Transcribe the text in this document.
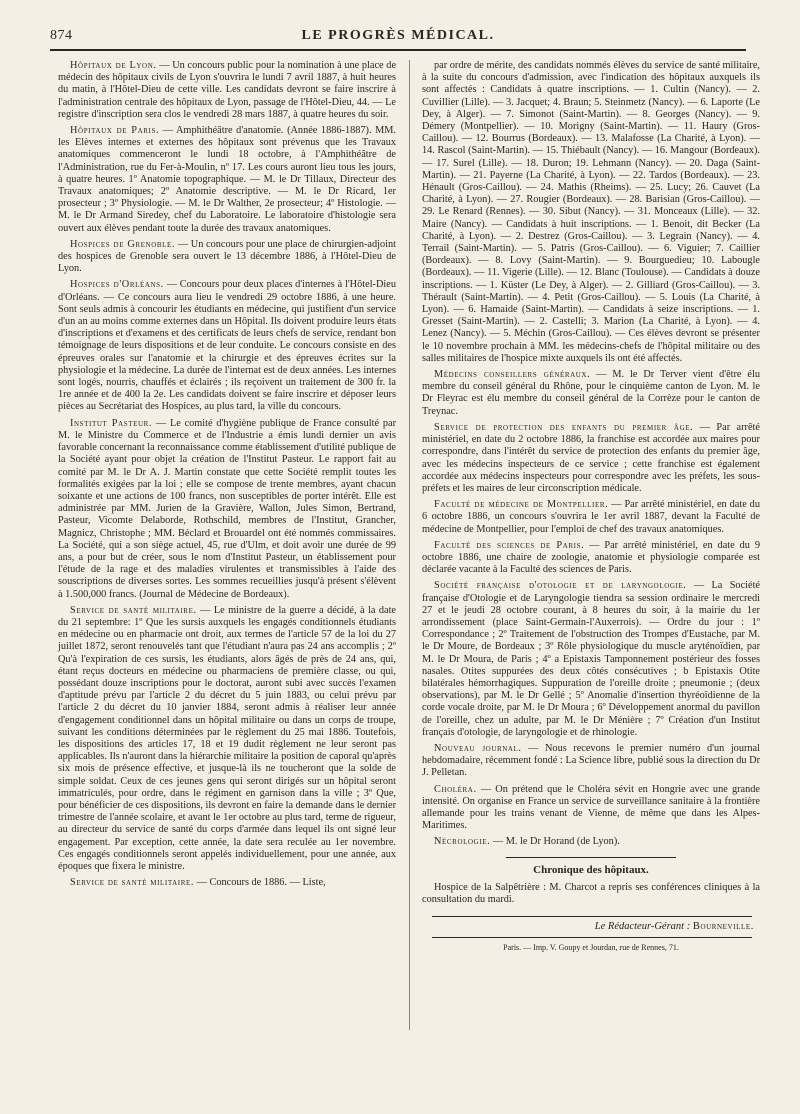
874	LE PROGRÈS MÉDICAL.

Hôpitaux de Lyon. — Un concours public pour la nomination à une place de médecin des hôpitaux civils de Lyon s'ouvrira le lundi 7 avril 1887, à huit heures du matin, à l'Hôtel-Dieu de cette ville. Les candidats devront se faire inscrire à l'administration centrale des hôpitaux de Lyon, passage de l'Hôtel-Dieu, 44. — Le registre d'inscription sera clos le vendredi 28 mars 1887, à quatre heures du soir.

Hôpitaux de Paris. — Amphithéâtre d'anatomie. (Année 1886-1887). MM. les Elèves internes et externes des hôpitaux sont prévenus que les Travaux anatomiques commenceront le lundi 18 octobre, à l'Amphithéâtre de l'Administration, rue du Fer-à-Moulin, nº 17. Les cours auront lieu tous les jours, à quatre heures. 1º Anatomie topographique. — M. le Dr Tillaux, Directeur des Travaux anatomiques; 2º Anatomie descriptive. — M. le Dr Ricard, 1er prosecteur ; 3º Physiologie. — M. le Dr Walther, 2e prosecteur; 4º Histologie. — M. le Dr Armand Siredey, chef du Laboratoire. Le laboratoire d'histologie sera ouvert aux élèves pendant toute la durée des travaux anatomiques.

Hospices de Grenoble. — Un concours pour une place de chirurgien-adjoint des hospices de Grenoble sera ouvert le 13 décembre 1886, à l'Hôtel-Dieu de Lyon.

Hospices d'Orléans. — Concours pour deux places d'internes à l'Hôtel-Dieu d'Orléans. — Ce concours aura lieu le vendredi 29 octobre 1886, à une heure. Sont seuls admis à concourir les étudiants en médecine, qui justifient d'un service d'un an au moins comme externes dans un Hôpital. Ils doivent produire leurs états d'inscriptions et d'examens et des certificats de leurs chefs de service, rendant bon témoignage de leurs dispositions et de leur conduite. Le concours consiste en des épreuves orales sur l'anatomie et la chirurgie et des épreuves écrites sur la physiologie et la médecine. La durée de l'internat est de deux années. Les internes sont logés, nourris, chauffés et éclairés ; ils reçoivent un traitement de 300 fr. la 1re année et de 400 la 2e. Les candidats doivent se faire inscrire et déposer leurs pièces au Secrétariat des Hospices, au plus tard, la ville du concours.

Institut Pasteur. — Le comité d'hygiène publique de France consulté par M. le Ministre du Commerce et de l'Industrie a émis lundi dernier un avis favorable concernant la reconnaissance comme établissement d'utilité publique de la Société ayant pour objet la création de l'Institut Pasteur. Le rapport fait au comité par M. le Dr A. J. Martin constate que cette Société remplit toutes les formalités exigées par la loi ; elle se compose de trente membres, ayant chacun soixante et une actions de 100 francs, non susceptibles de porter intérêt. Elle est administrée par MM. Jurien de la Gravière, Wallon, Jules Simon, Bertrand, Pasteur, Vicomte Delaborde, Rothschild, membres de l'Institut, Grancher, Magnicz, Christophe ; MM. Béclard et Brouardel ont été nommés commissaires. La Société, qui a son siège actuel, 45, rue d'Ulm, et doit avoir une durée de 99 ans, a pour but de créer, sous le nom d'Institut Pasteur, un établissement pour l'étude de la rage et des maladies virulentes et transmissibles à l'aide des souscriptions de diverses sortes. Les sommes recueillies jusqu'à présent s'élèvent à 1.500,000 francs. (Journal de Médecine de Bordeaux).

Service de santé militaire. — Le ministre de la guerre a décidé, à la date du 21 septembre: 1º Que les sursis auxquels les engagés conditionnels étudiants en médecine ou en pharmacie ont droit, aux termes de l'article 57 de la loi du 27 juillet 1872, seront renouvelés tant que l'étudiant n'aura pas 24 ans accomplis ; 2º Qu'à l'expiration de ces sursis, les étudiants, alors âgés de près de 24 ans, qui, étant reçus docteurs en médecine ou pharmaciens de première classe, ou qui, possédant douze inscriptions pour le doctorat, auront subi avec succès l'examen d'aptitude prévu par l'article 2 du décret du 5 juin 1883, ou celui prévu par l'article 2 du décret du 10 janvier 1884, seront admis à réaliser leur année d'engagement conditionnel dans un hôpital militaire ou dans un corps de troupe, suivant les conditions déterminées par le règlement du 25 mai 1886. Toutefois, les dispositions des articles 17, 18 et 19 dudit règlement ne leur seront pas applicables. Ils n'auront dans la hiérarchie militaire la position de caporal qu'après six mois de présence effective, et jusque-là ils ne toucheront que la solde de simple soldat. Ceux de ces jeunes gens qui seront dirigés sur un hôpital seront immatriculés, pour ordre, dans le régiment en garnison dans la ville ; 3º Que, pour bénéficier de ces dispositions, ils devront en faire la demande dans le dernier trimestre de l'année scolaire, et avant le 1er octobre au plus tard, terme de rigueur, au directeur du service de santé du corps d'armée dans lequel ils ont signé leur engagement. Par exception, cette année, la date sera reculée au 1er novembre. Ces engagés conditionnels seront appelés individuellement, pour une année, aux époques que fixera le ministre.

Service de santé militaire. — Concours de 1886. — Liste,

par ordre de mérite, des candidats nommés élèves du service de santé militaire, à la suite du concours d'admission, avec l'indication des hôpitaux auxquels ils sont affectés : Candidats à quatre inscriptions. — 1. Cultin (Nancy). — 2. Cuvillier (Lille). — 3. Jacquet; 4. Braun; 5. Steinmetz (Nancy). — 6. Laporte (Le Dey, à Alger). — 7. Simonot (Saint-Martin). — 8. Georges (Nancy). — 9. Démery (Montpellier). — 10. Morigny (Saint-Martin). — 11. Haury (Gros-Caillou). — 12. Bourrus (Bordeaux). — 13. Malafosse (La Charité, à Lyon). — 14. Rascol (Saint-Martin). — 15. Thiébault (Nancy). — 16. Mangour (Bordeaux). — 17. Surel (Lille). — 18. Duron; 19. Lehmann (Nancy). — 20. Daga (Saint-Martin). — 21. Payerne (La Charité, à Lyon). — 22. Tardos (Bordeaux). — 23. Hénault (Gros-Caillou). — 24. Mathis (Rheims). — 25. Lucy; 26. Cauvet (La Charité, à Lyon). — 27. Rougier (Bordeaux). — 28. Barisian (Gros-Caillou). — 29. Le Renard (Rennes). — 30. Sibut (Nancy). — 31. Monceaux (Lille). — 32. Maire (Nancy). — Candidats à huit inscriptions. — 1. Benoit, dit Becker (La Charité, à Lyon). — 2. Destrez (Gros-Caillou). — 3. Legrain (Nancy). — 4. Terrail (Saint-Martin). — 5. Patris (Gros-Caillou). — 6. Viguier; 7. Caillier (Bordeaux). — 8. Lovy (Saint-Martin). — 9. Bourguedieu; 10. Labougle (Bordeaux). — 11. Vigerie (Lille). — 12. Blanc (Toulouse). — Candidats à douze inscriptions. — 1. Küster (Le Dey, à Alger). — 2. Gilliard (Gros-Caillou). — 3. Thérault (Saint-Martin). — 4. Petit (Gros-Caillou). — 5. Louis (La Charité, à Lyon). — 6. Hamaide (Saint-Martin). — Candidats à seize inscriptions. — 1. Gresset (Saint-Martin). — 2. Castelli; 3. Marion (La Charité, à Lyon). — 4. Lenez (Nancy). — 5. Méchin (Gros-Caillou). — Ces élèves devront se présenter le 10 novembre prochain à MM. les médecins-chefs de l'hôpital militaire ou des salles militaires de l'hospice mixte auxquels ils ont été affectés.

Médecins conseillers généraux. — M. le Dr Terver vient d'être élu membre du conseil général du Rhône, pour le cinquième canton de Lyon. M. le Dr Fleyrac est élu membre du conseil général de la Corrèze pour le canton de Treynac.

Service de protection des enfants du premier âge. — Par arrêté ministériel, en date du 2 octobre 1886, la franchise est accordée aux maires pour correspondre, dans l'intérêt du service de protection des enfants du premier âge, avec les médecins inspecteurs de ce service ; cette franchise est également accordée aux médecins inspecteurs pour correspondre avec les préfets, les sous-préfets et les maires de leur circonscription médicale.

Faculté de médecine de Montpellier. — Par arrêté ministériel, en date du 6 octobre 1886, un concours s'ouvrira le 1er avril 1887, devant la Faculté de médecine de Montpellier, pour l'emploi de chef des travaux anatomiques.

Faculté des sciences de Paris. — Par arrêté ministériel, en date du 9 octobre 1886, une chaire de zoologie, anatomie et physiologie comparée est déclarée vacante à la Faculté des sciences de Paris.

Société française d'otologie et de laryngologie. — La Société française d'Otologie et de Laryngologie tiendra sa session ordinaire le mercredi 27 et le jeudi 28 octobre courant, à 8 heures du soir, à la mairie du 1er arrondissement (place Saint-Germain-l'Auxerrois). — Ordre du jour : 1º Correspondance ; 2º Traitement de l'obstruction des Trompes d'Eustache, par M. le Dr Moure, de Bordeaux ; 3º Rôle physiologique du muscle aryténoïdien, par M. le Dr Moura, de Paris ; 4º a Epistaxis Tamponnement postérieur des fosses nasales. Otites suppurées des deux côtés consécutives ; b Epistaxis Otite bilatérales hémorrhagiques. Suppuration de l'oreille droite ; pneumonie ; (deux observations), par M. le Dr Gellé ; 5º Anomalie d'insertion thyréoïdienne de la corde vocale droite, par M. le Dr Moura ; 6º Développement anormal du pavillon de l'oreille, chez un adulte, par M. le Dr Ménière ; 7º Création d'un Institut français d'otologie, de laryngologie et de rhinologie.

Nouveau journal. — Nous recevons le premier numéro d'un journal hebdomadaire, récemment fondé : La Science libre, publié sous la direction du Dr J. Pelletan.

Choléra. — On prétend que le Choléra sévit en Hongrie avec une grande intensité. On organise en France un service de surveillance sanitaire à la frontière allemande pour les trains venant de Vienne, de même que dans les Alpes-Maritimes.

Nécrologie. — M. le Dr Horand (de Lyon).

Chronique des hôpitaux.

Hospice de la Salpêtrière : M. Charcot a repris ses conférences cliniques à la consultation du mardi.

Le Rédacteur-Gérant : Bourneville.

Paris. — Imp. V. Goupy et Jourdan, rue de Rennes, 71.
